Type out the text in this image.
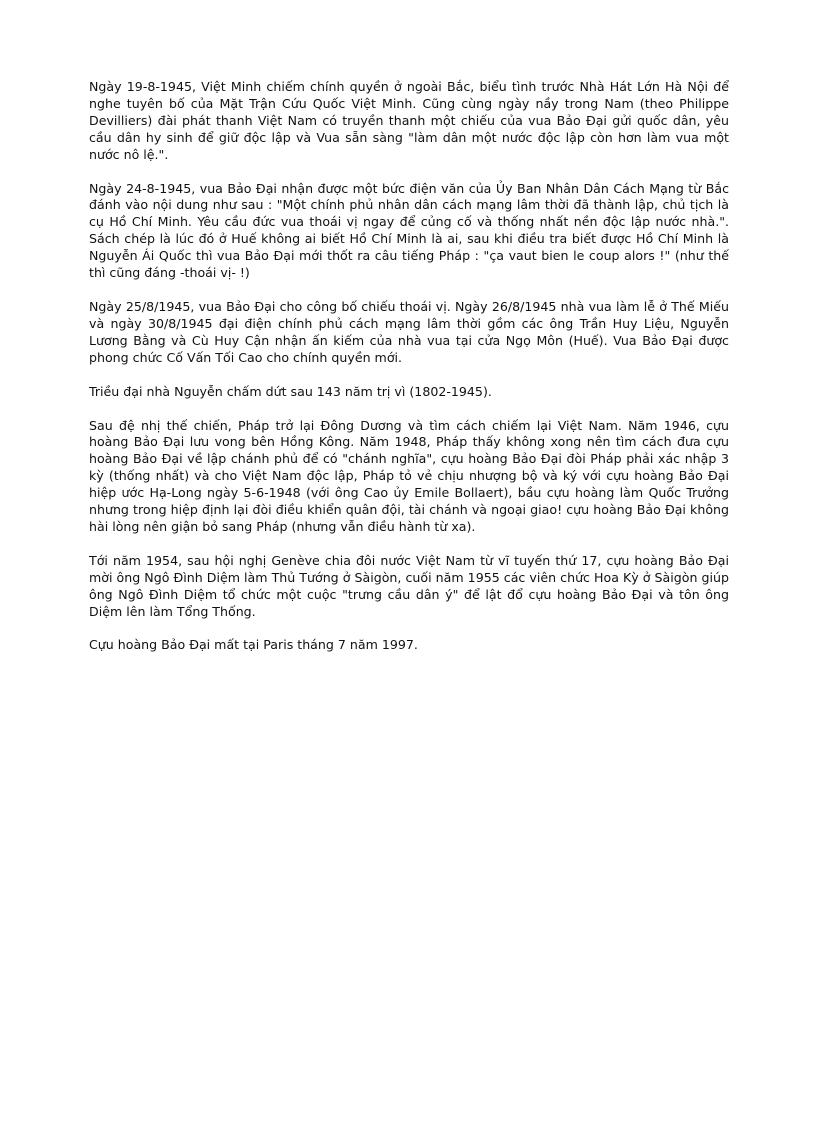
Ngày 19-8-1945, Việt Minh chiếm chính quyền ở ngoài Bắc, biểu tình trước Nhà Hát Lớn Hà Nội để nghe tuyên bố của Mặt Trận Cứu Quốc Việt Minh. Cũng cùng ngày nầy trong Nam (theo Philippe Devilliers) đài phát thanh Việt Nam có truyền thanh một chiếu của vua Bảo Đại gửi quốc dân, yêu cầu dân hy sinh để giữ độc lập và Vua sẵn sàng "làm dân một nước độc lập còn hơn làm vua một nước nô lệ.".

Ngày 24-8-1945, vua Bảo Đại nhận được một bức điện văn của Ủy Ban Nhân Dân Cách Mạng từ Bắc đánh vào nội dung như sau : "Một chính phủ nhân dân cách mạng lâm thời đã thành lập, chủ tịch là cụ Hồ Chí Minh. Yêu cầu đức vua thoái vị ngay để củng cố và thống nhất nền độc lập nước nhà.". Sách chép là lúc đó ở Huế không ai biết Hồ Chí Minh là ai, sau khi điều tra biết được Hồ Chí Minh là Nguyễn Ái Quốc thì vua Bảo Đại mới thốt ra câu tiếng Pháp : "ça vaut bien le coup alors !" (như thế thì cũng đáng -thoái vị- !)

Ngày 25/8/1945, vua Bảo Đại cho công bố chiếu thoái vị. Ngày 26/8/1945 nhà vua làm lễ ở Thế Miếu và ngày 30/8/1945 đại điện chính phủ cách mạng lâm thời gồm các ông Trần Huy Liệu, Nguyễn Lương Bằng và Cù Huy Cận nhận ấn kiếm của nhà vua tại cửa Ngọ Môn (Huế). Vua Bảo Đại được phong chức Cố Vấn Tối Cao cho chính quyền mới.

Triều đại nhà Nguyễn chấm dứt sau 143 năm trị vì (1802-1945).

Sau đệ nhị thế chiến, Pháp trở lại Đông Dương và tìm cách chiếm lại Việt Nam. Năm 1946, cựu hoàng Bảo Đại lưu vong bên Hồng Kông. Năm 1948, Pháp thấy không xong nên tìm cách đưa cựu hoàng Bảo Đại về lập chánh phủ để có "chánh nghĩa", cựu hoàng Bảo Đại đòi Pháp phải xác nhập 3 kỳ (thống nhất) và cho Việt Nam độc lập, Pháp tỏ vẻ chịu nhượng bộ và ký với cựu hoàng Bảo Đại hiệp ước Hạ-Long ngày 5-6-1948 (với ông Cao ủy Emile Bollaert), bầu cựu hoàng làm Quốc Trưởng nhưng trong hiệp định lại đòi điều khiển quân đội, tài chánh và ngoại giao! cựu hoàng Bảo Đại không hài lòng nên giận bỏ sang Pháp (nhưng vẫn điều hành từ xa).

Tới năm 1954, sau hội nghị Genève chia đôi nước Việt Nam từ vĩ tuyến thứ 17, cựu hoàng Bảo Đại mời ông Ngô Đình Diệm làm Thủ Tướng ở Sàigòn, cuối năm 1955 các viên chức Hoa Kỳ ở Sàigòn giúp ông Ngô Đình Diệm tổ chức một cuộc "trưng cầu dân ý" để lật đổ cựu hoàng Bảo Đại và tôn ông Diệm lên làm Tổng Thống.

Cựu hoàng Bảo Đại mất tại Paris tháng 7 năm 1997.
